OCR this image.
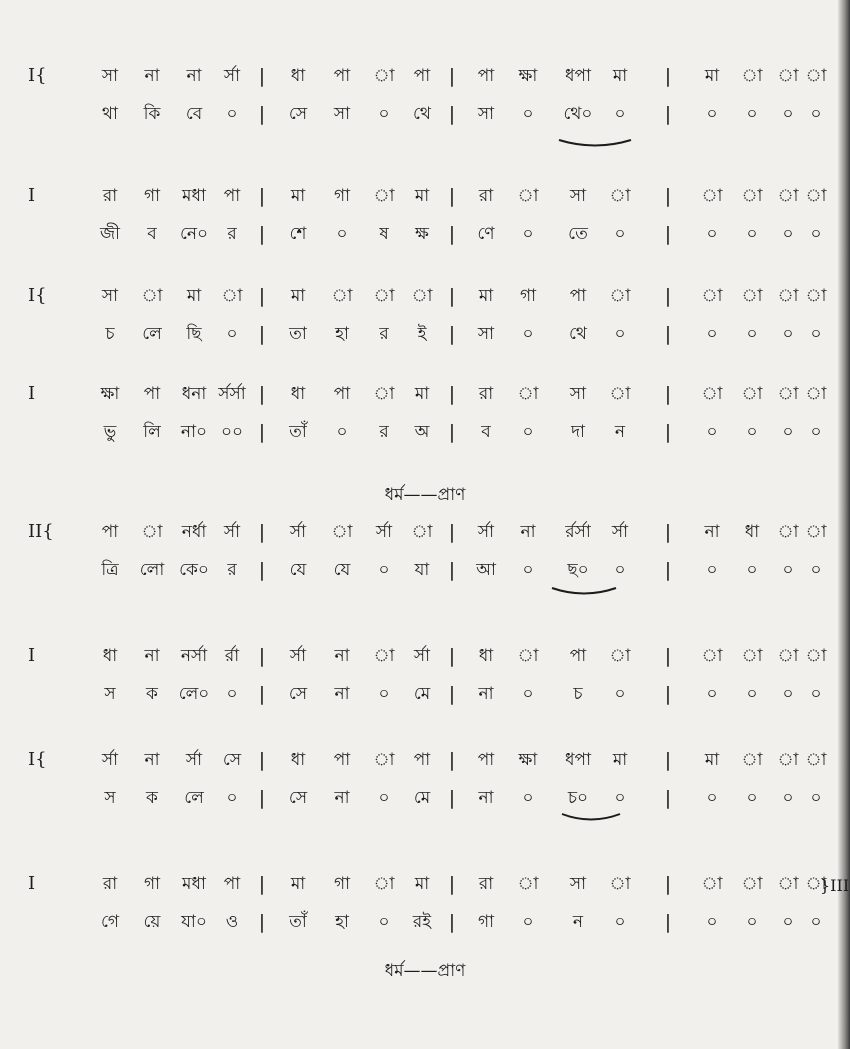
I{	সা না না র্সা | ধা পা া পা | পা ক্ষা ধপা মা | মা া া া
থা কি বে ০ | সে সা ০ থে | সা ০ থে০ ০ | ০ ০ ০ ০
I	রা গা মধা পা | মা গা া মা | রা া সা া | া া া া
জী ব নে০ র | শে ০ ষ ক্ষ | ণে ০ তে ০ | ০ ০ ০ ০
I{	সা া মা া | মা া া া | মা গা পা া | া া া া
চ লে ছি ০ | তা হা র ই | সা ০ থে ০ | ০ ০ ০ ০
I	ক্ষা পা ধনা র্সর্সা | ধা পা া মা | রা া সা া | া া া া
ভু লি না০ ০০ | তাঁ ০ র অ | ব ০ দা ন | ০ ০ ০ ০
II{	পা া নর্ধা র্সা | র্সা া র্সা া | র্সা না র্রর্সা র্সা | না ধা া া
ত্রি লো কে০ র | যে যে ০ যা | আ ০ ছ০ ০ | ০ ০ ০ ০
I	ধা না নর্সা র্রা | র্সা না া র্সা | ধা া পা া | া া া া
স ক লে০ ০ | সে না ০ মে | না ০ চ ০ | ০ ০ ০ ০
I{	র্সা না র্সা সে | ধা পা া পা | পা ক্ষা ধপা মা | মা া া া
স ক লে ০ | সে না ০ মে | না ০ চ০ ০ | ০ ০ ০ ০
I	রা গা মধা পা | মা গা া মা | রা া সা া | া া া া
গে য়ে যা০ ও | তাঁ হা ০ রই | গা ০ ন ০ | ০ ০ ০ ০
ধর্ম——প্রাণ
ধর্ম——প্রাণ
}III
